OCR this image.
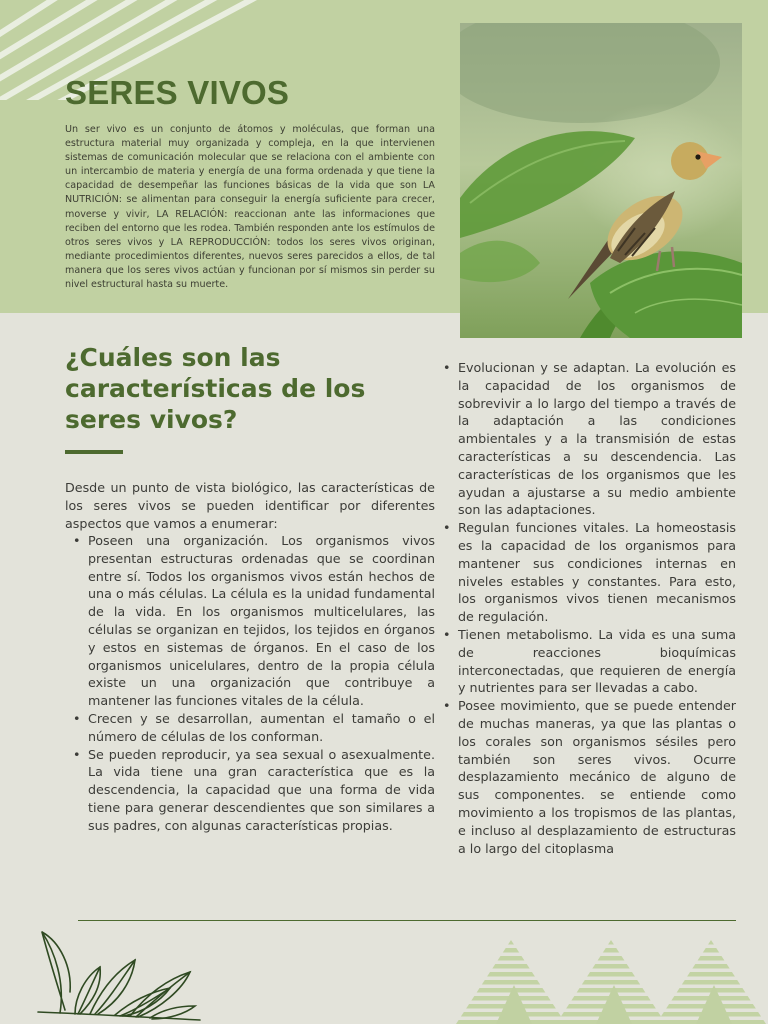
SERES VIVOS

Un ser vivo es un conjunto de átomos y moléculas, que forman una estructura material muy organizada y compleja, en la que intervienen sistemas de comunicación molecular que se relaciona con el ambiente con un intercambio de materia y energía de una forma ordenada y que tiene la capacidad de desempeñar las funciones básicas de la vida que son LA NUTRICIÓN: se alimentan para conseguir la energía suficiente para crecer, moverse y vivir, LA RELACIÓN: reaccionan ante las informaciones que reciben del entorno que les rodea. También responden ante los estímulos de otros seres vivos y LA REPRODUCCIÓN: todos los seres vivos originan, mediante procedimientos diferentes, nuevos seres parecidos a ellos, de tal manera que los seres vivos actúan y funcionan por sí mismos sin perder su nivel estructural hasta su muerte.

¿Cuáles son las características de los seres vivos?

Desde un punto de vista biológico, las características de los seres vivos se pueden identificar por diferentes aspectos que vamos a enumerar:

• Poseen una organización. Los organismos vivos presentan estructuras ordenadas que se coordinan entre sí. Todos los organismos vivos están hechos de una o más células. La célula es la unidad fundamental de la vida. En los organismos multicelulares, las células se organizan en tejidos, los tejidos en órganos y estos en sistemas de órganos. En el caso de los organismos unicelulares, dentro de la propia célula existe un una organización que contribuye a mantener las funciones vitales de la célula.
• Crecen y se desarrollan, aumentan el tamaño o el número de células de los conforman.
• Se pueden reproducir, ya sea sexual o asexualmente. La vida tiene una gran característica que es la descendencia, la capacidad que una forma de vida tiene para generar descendientes que son similares a sus padres, con algunas características propias.
• Evolucionan y se adaptan. La evolución es la capacidad de los organismos de sobrevivir a lo largo del tiempo a través de la adaptación a las condiciones ambientales y a la transmisión de estas características a su descendencia. Las características de los organismos que les ayudan a ajustarse a su medio ambiente son las adaptaciones.
• Regulan funciones vitales. La homeostasis es la capacidad de los organismos para mantener sus condiciones internas en niveles estables y constantes. Para esto, los organismos vivos tienen mecanismos de regulación.
• Tienen metabolismo. La vida es una suma de reacciones bioquímicas interconectadas, que requieren de energía y nutrientes para ser llevadas a cabo.
• Posee movimiento, que se puede entender de muchas maneras, ya que las plantas o los corales son organismos sésiles pero también son seres vivos. Ocurre desplazamiento mecánico de alguno de sus componentes. se entiende como movimiento a los tropismos de las plantas, e incluso al desplazamiento de estructuras a lo largo del citoplasma
